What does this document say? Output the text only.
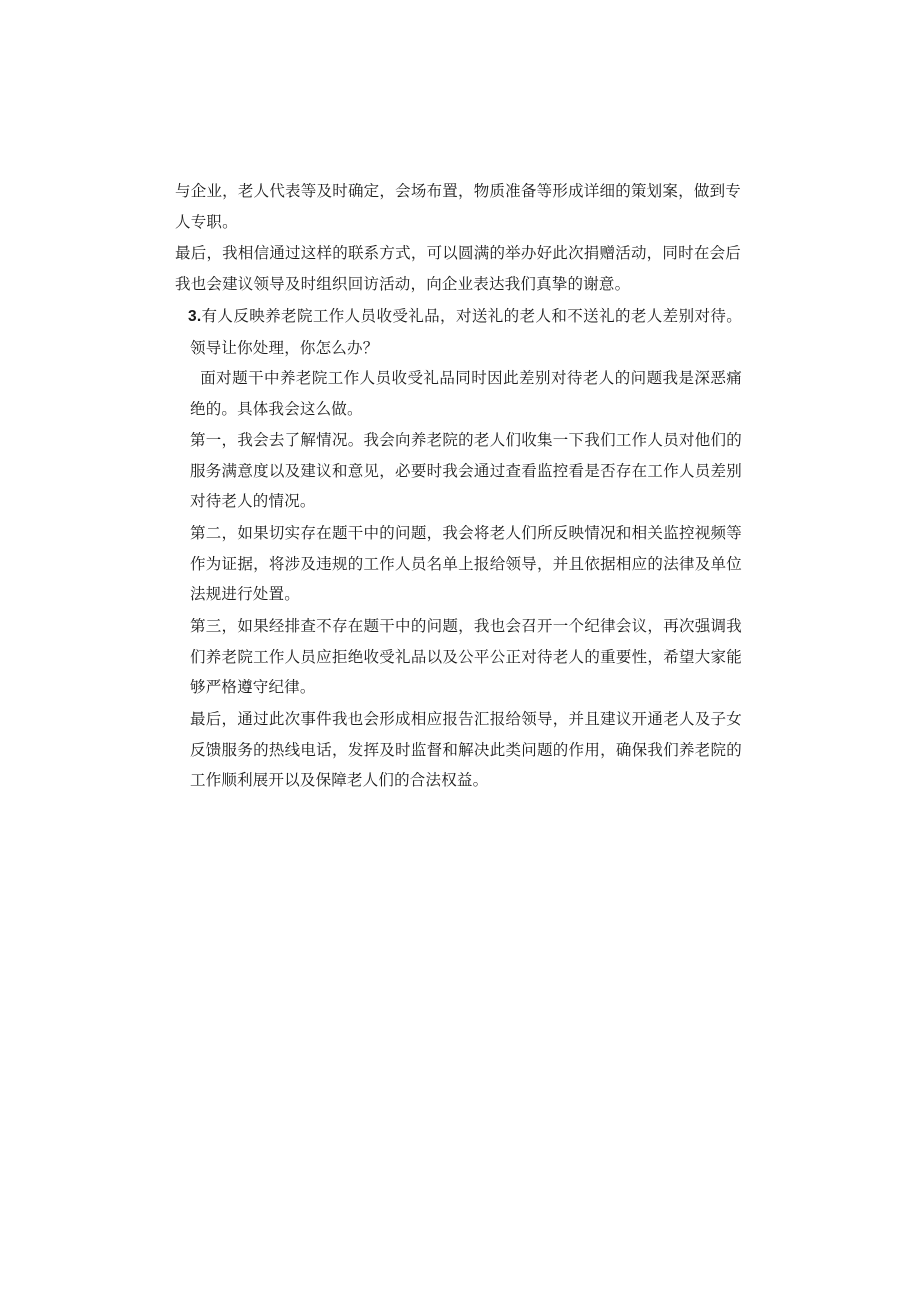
与企业，老人代表等及时确定，会场布置，物质准备等形成详细的策划案，做到专人专职。

最后，我相信通过这样的联系方式，可以圆满的举办好此次捐赠活动，同时在会后我也会建议领导及时组织回访活动，向企业表达我们真挚的谢意。

3.有人反映养老院工作人员收受礼品，对送礼的老人和不送礼的老人差别对待。领导让你处理，你怎么办？

面对题干中养老院工作人员收受礼品同时因此差别对待老人的问题我是深恶痛绝的。具体我会这么做。

第一，我会去了解情况。我会向养老院的老人们收集一下我们工作人员对他们的服务满意度以及建议和意见，必要时我会通过查看监控看是否存在工作人员差别对待老人的情况。

第二，如果切实存在题干中的问题，我会将老人们所反映情况和相关监控视频等作为证据，将涉及违规的工作人员名单上报给领导，并且依据相应的法律及单位法规进行处置。

第三，如果经排查不存在题干中的问题，我也会召开一个纪律会议，再次强调我们养老院工作人员应拒绝收受礼品以及公平公正对待老人的重要性，希望大家能够严格遵守纪律。

最后，通过此次事件我也会形成相应报告汇报给领导，并且建议开通老人及子女反馈服务的热线电话，发挥及时监督和解决此类问题的作用，确保我们养老院的工作顺利展开以及保障老人们的合法权益。
